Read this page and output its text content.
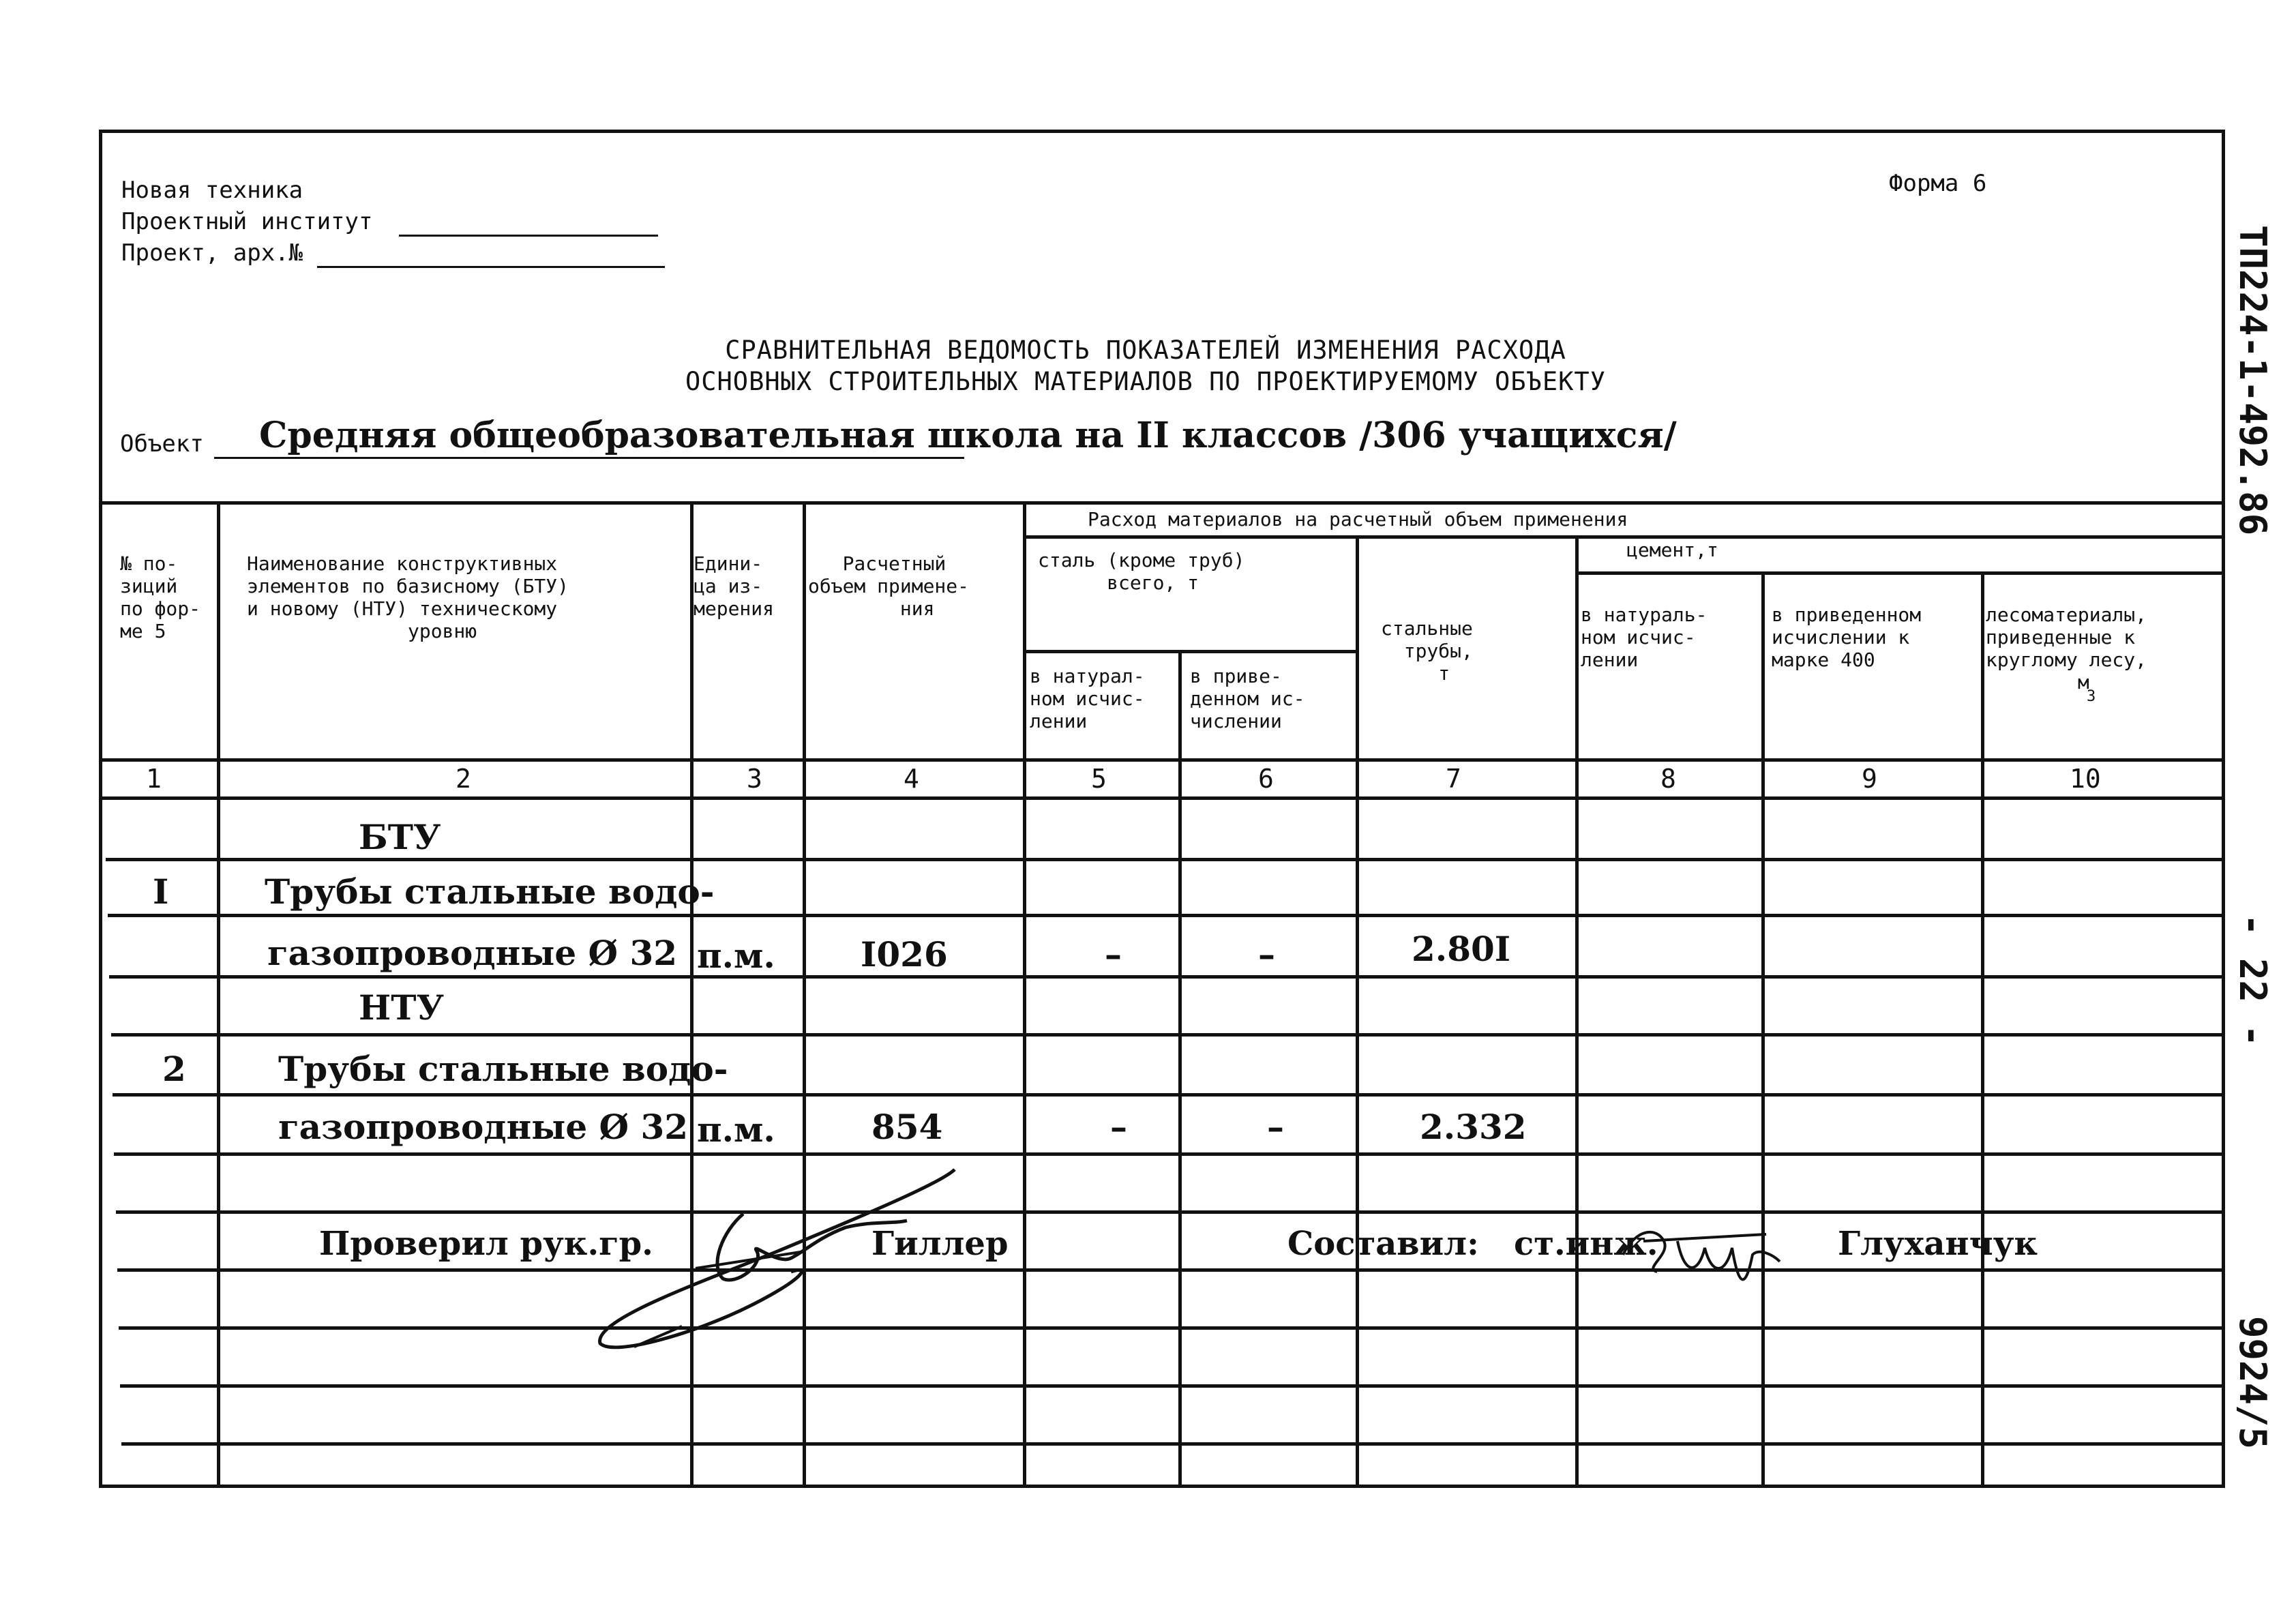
Новая техника
Проектный институт
Проект, арх.№
Форма 6
СРАВНИТЕЛЬНАЯ ВЕДОМОСТЬ ПОКАЗАТЕЛЕЙ ИЗМЕНЕНИЯ РАСХОДА
ОСНОВНЫХ СТРОИТЕЛЬНЫХ МАТЕРИАЛОВ ПО ПРОЕКТИРУЕМОМУ ОБЪЕКТУ
Объект Средняя общеобразовательная школа на II классов /306 учащихся/
№ по-
зиций
по фор-
ме 5
Наименование конструктивных
элементов по базисному (БТУ)
и новому (НТУ) техническому
уровню
Едини-
ца из-
мерения
Расчетный
объем примене-
ния
Расход материалов на расчетный объем применения
сталь (кроме труб)
всего, т
в натурал-
ном исчис-
лении
в приве-
денном ис-
числении
стальные
трубы,
т
цемент,т
в натураль-
ном исчис-
лении
в приведенном
исчислении к
марке 400
лесоматериалы,
приведенные к
круглому лесу,
м
3
1	2	3	4	5	6	7	8	9	10
БТУ
I	Трубы стальные водо-
газопроводные Ø 32 п.м.	I026	–	–	2.80I
НТУ
2	Трубы стальные водо-
газопроводные Ø 32 п.м.	854	–	–	2.332
Проверил рук.гр.	Гиллер	Составил: ст.инж.	Глуханчук
ТП224-1-492.86
- 22 -
9924/5
